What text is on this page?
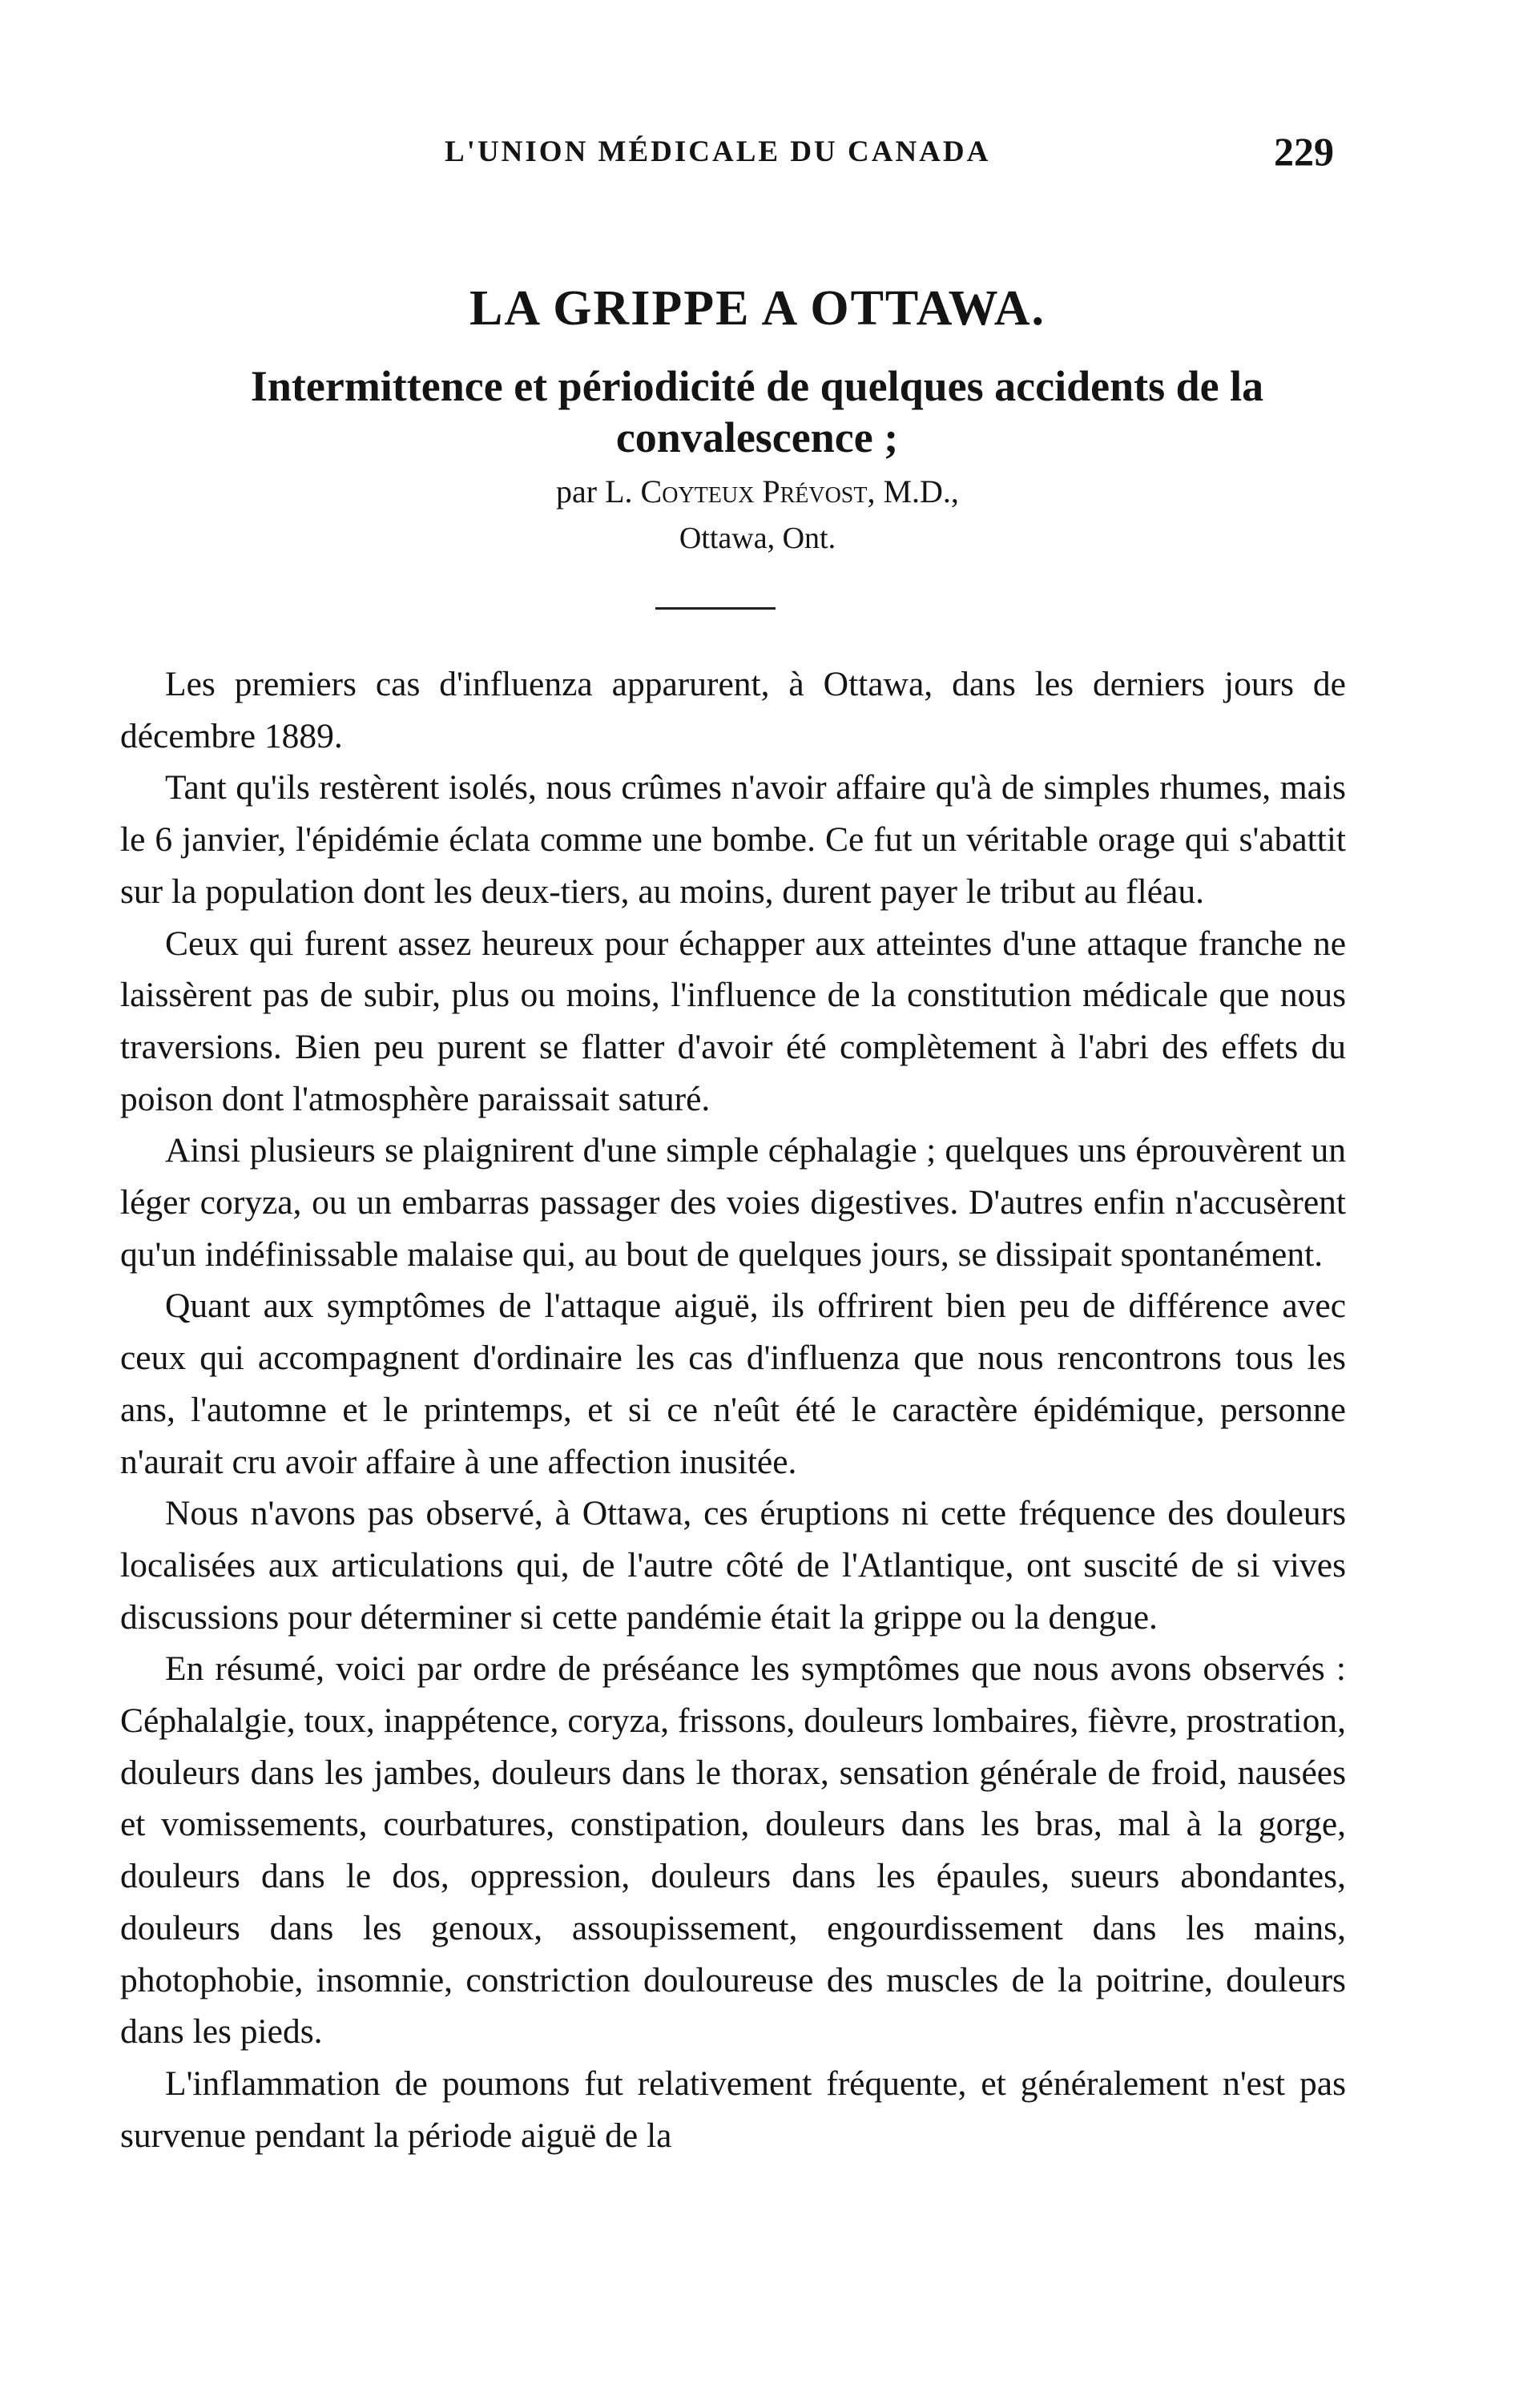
L'UNION MÉDICALE DU CANADA	229
LA GRIPPE A OTTAWA.
Intermittence et périodicité de quelques accidents de la convalescence ;
par L. Coyteux Prévost, M.D.,
Ottawa, Ont.

Les premiers cas d'influenza apparurent, à Ottawa, dans les derniers jours de décembre 1889.

Tant qu'ils restèrent isolés, nous crûmes n'avoir affaire qu'à de simples rhumes, mais le 6 janvier, l'épidémie éclata comme une bombe. Ce fut un véritable orage qui s'abattit sur la population dont les deux-tiers, au moins, durent payer le tribut au fléau.

Ceux qui furent assez heureux pour échapper aux atteintes d'une attaque franche ne laissèrent pas de subir, plus ou moins, l'influence de la constitution médicale que nous traversions. Bien peu purent se flatter d'avoir été complètement à l'abri des effets du poison dont l'atmosphère paraissait saturé.

Ainsi plusieurs se plaignirent d'une simple céphalagie ; quelques uns éprouvèrent un léger coryza, ou un embarras passager des voies digestives. D'autres enfin n'accusèrent qu'un indéfinissable malaise qui, au bout de quelques jours, se dissipait spontanément.

Quant aux symptômes de l'attaque aiguë, ils offrirent bien peu de différence avec ceux qui accompagnent d'ordinaire les cas d'influenza que nous rencontrons tous les ans, l'automne et le printemps, et si ce n'eût été le caractère épidémique, personne n'aurait cru avoir affaire à une affection inusitée.

Nous n'avons pas observé, à Ottawa, ces éruptions ni cette fréquence des douleurs localisées aux articulations qui, de l'autre côté de l'Atlantique, ont suscité de si vives discussions pour déterminer si cette pandémie était la grippe ou la dengue.

En résumé, voici par ordre de préséance les symptômes que nous avons observés : Céphalalgie, toux, inappétence, coryza, frissons, douleurs lombaires, fièvre, prostration, douleurs dans les jambes, douleurs dans le thorax, sensation générale de froid, nausées et vomissements, courbatures, constipation, douleurs dans les bras, mal à la gorge, douleurs dans le dos, oppression, douleurs dans les épaules, sueurs abondantes, douleurs dans les genoux, assoupissement, engourdissement dans les mains, photophobie, insomnie, constriction douloureuse des muscles de la poitrine, douleurs dans les pieds.

L'inflammation de poumons fut relativement fréquente, et généralement n'est pas survenue pendant la période aiguë de la
